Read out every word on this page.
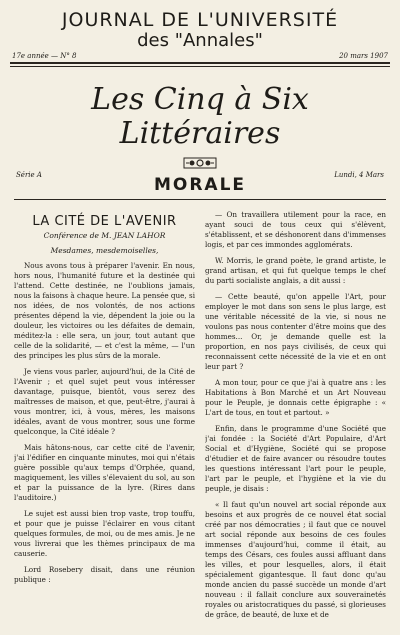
JOURNAL DE L'UNIVERSITÉ
des "Annales"
17e année — N° 8	20 mars 1907
Les Cinq à Six Littéraires
Série A	Lundi, 4 Mars
MORALE
LA CITÉ DE L'AVENIR
Conférence de M. JEAN LAHOR
Mesdames, mesdemoiselles,

Nous avons tous à préparer l'avenir. En nous, hors nous, l'humanité future et la destinée qui l'attend. Cette destinée, ne l'oublions jamais, nous la faisons à chaque heure. La pensée que, si nos idées, de nos volontés, de nos actions présentes dépend la vie, dépendent la joie ou la douleur, les victoires ou les défaites de demain, méditez-la : elle sera, un jour, tout autant que celle de la solidarité, — et c'est la même, — l'un des principes les plus sûrs de la morale.

Je viens vous parler, aujourd'hui, de la Cité de l'Avenir ; et quel sujet peut vous intéresser davantage, puisque, bientôt, vous serez des maîtresses de maison, et que, peut-être, j'aurai à vous montrer, ici, à vous, mères, les maisons idéales, avant de vous montrer, sous une forme quelconque, la Cité idéale ?

Mais hâtons-nous, car cette cité de l'avenir, j'ai l'édifier en cinquante minutes, moi qui n'étais guère possible qu'aux temps d'Orphée, quand, magiquement, les villes s'élevaient du sol, au son et par la puissance de la lyre. (Rires dans l'auditoire.)

Le sujet est aussi bien trop vaste, trop touffu, et pour que je puisse l'éclairer en vous citant quelques formules, de moi, ou de mes amis. Je ne vous livrerai que les thèmes principaux de ma causerie.

Lord Rosebery disait, dans une réunion publique :

— On travaillera utilement pour la race, en ayant souci de tous ceux qui s'élèvent, s'établissent, et se déshonorent dans d'immenses logis, et par ces immondes agglomérats.

W. Morris, le grand poète, le grand artiste, le grand artisan, et qui fut quelque temps le chef du parti socialiste anglais, a dit aussi :

— Cette beauté, qu'on appelle l'Art, pour employer le mot dans son sens le plus large, est une véritable nécessité de la vie, si nous ne voulons pas nous contenter d'être moins que des hommes... Or, je demande quelle est la proportion, en nos pays civilisés, de ceux qui reconnaissent cette nécessité de la vie et en ont leur part ?

A mon tour, pour ce que j'ai à quatre ans : les Habitations à Bon Marché et un Art Nouveau pour le Peuple, je donnais cette épigraphe : « L'art de tous, en tout et partout. »

Enfin, dans le programme d'une Société que j'ai fondée : la Société d'Art Populaire, d'Art Social et d'Hygiène, Société qui se propose d'étudier et de faire avancer ou résoudre toutes les questions intéressant l'art pour le peuple, l'art par le peuple, et l'hygiène et la vie du peuple, je disais :

« Il faut qu'un nouvel art social réponde aux besoins et aux progrès de ce nouvel état social créé par nos démocraties ; il faut que ce nouvel art social réponde aux besoins de ces foules immenses d'aujourd'hui, comme il était, au temps des Césars, ces foules aussi affluant dans les villes, et pour lesquelles, alors, il était spécialement gigantesque. Il faut donc qu'au monde ancien du passé succède un monde d'art nouveau : il fallait conclure aux souverainetés royales ou aristocratiques du passé, si glorieuses de grâce, de beauté, de luxe et de
